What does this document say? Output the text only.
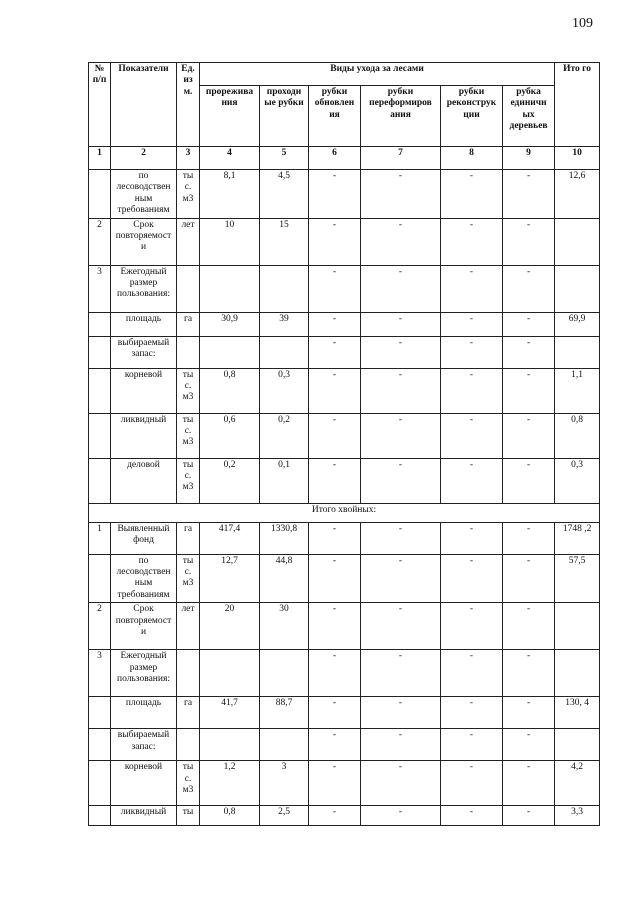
109
№ п/п	Показатели	Ед. из м.	Виды ухода за лесами						Ито го
			прорежива ния	проходи ые рубки	рубки обновлен ия	рубки переформиров ания	рубки реконструк ции	рубка единичн ых деревьев	
1	2	3	4	5	6	7	8	9	10
	по лесоводствен ным требованиям	ты с. м3	8,1	4,5	-	-	-	-	12,6
2	Срок повторяемост и	лет	10	15	-	-	-	-	
3	Ежегодный размер пользования:				-	-	-	-	
	площадь	га	30,9	39	-	-	-	-	69,9
	выбираемый запас:				-	-	-	-	
	корневой	ты с. м3	0,8	0,3	-	-	-	-	1,1
	ликвидный	ты с. м3	0,6	0,2	-	-	-	-	0,8
	деловой	ты с. м3	0,2	0,1	-	-	-	-	0,3
Итого хвойных:									
1	Выявленный фонд	га	417,4	1330,8	-	-	-	-	1748 ,2
	по лесоводствен ным требованиям	ты с. м3	12,7	44,8	-	-	-	-	57,5
2	Срок повторяемост и	лет	20	30	-	-	-	-	
3	Ежегодный размер пользования:				-	-	-	-	
	площадь	га	41,7	88,7	-	-	-	-	130, 4
	выбираемый запас:				-	-	-	-	
	корневой	ты с. м3	1,2	3	-	-	-	-	4,2
	ликвидный	ты	0,8	2,5	-	-	-	-	3,3
